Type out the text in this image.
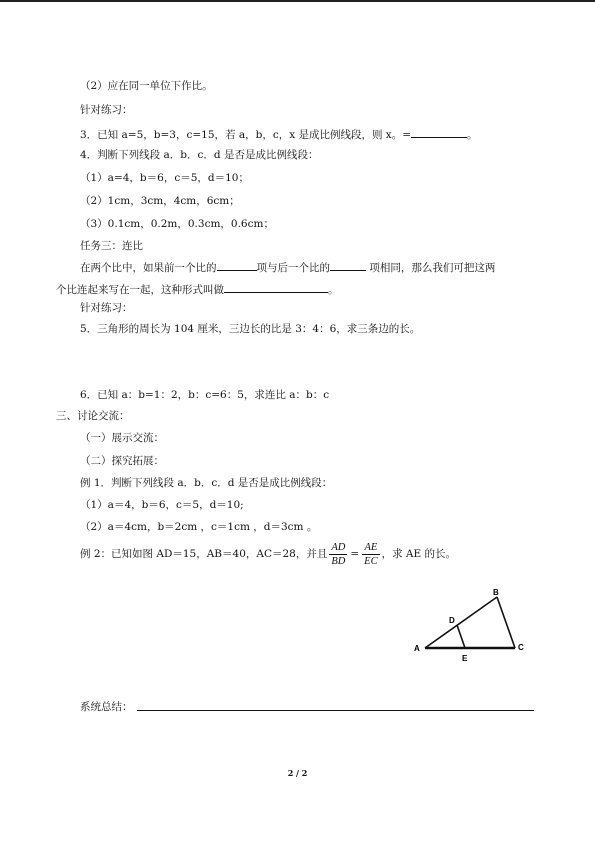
（2）应在同一单位下作比。
针对练习：
3．已知 a=5，b=3，c=15，若 a，b，c，x 是成比例线段，则 x。=	。
4．判断下列线段 a．b．c．d 是否是成比例线段：
（1）a=4，b＝6，c＝5，d＝10；
（2）1cm，3cm，4cm，6cm；
（3）0.1cm，0.2m，0.3cm，0.6cm；
任务三：连比
在两个比中，如果前一个比的	项与后一个比的	项相同，那么我们可把这两
个比连起来写在一起，这种形式叫做	。
针对练习：
5．三角形的周长为 104 厘米，三边长的比是 3：4：6，求三条边的长。
6．已知 a：b=1：2，b：c=6：5，求连比 a：b：c
三、讨论交流：
（一）展示交流：
（二）探究拓展：
例 1．判断下列线段 a．b．c．d 是否是成比例线段：
（1）a＝4，b＝6，c＝5，d＝10;
（2）a＝4cm，b＝2cm ，c＝1cm ，d＝3cm 。
例 2：已知如图 AD＝15，AB＝40，AC＝28，并且 $\frac{AD}{BD} = \frac{AE}{EC}$ ，求 AE 的长。
A
B
C
D
E
系统总结：
2 / 2
